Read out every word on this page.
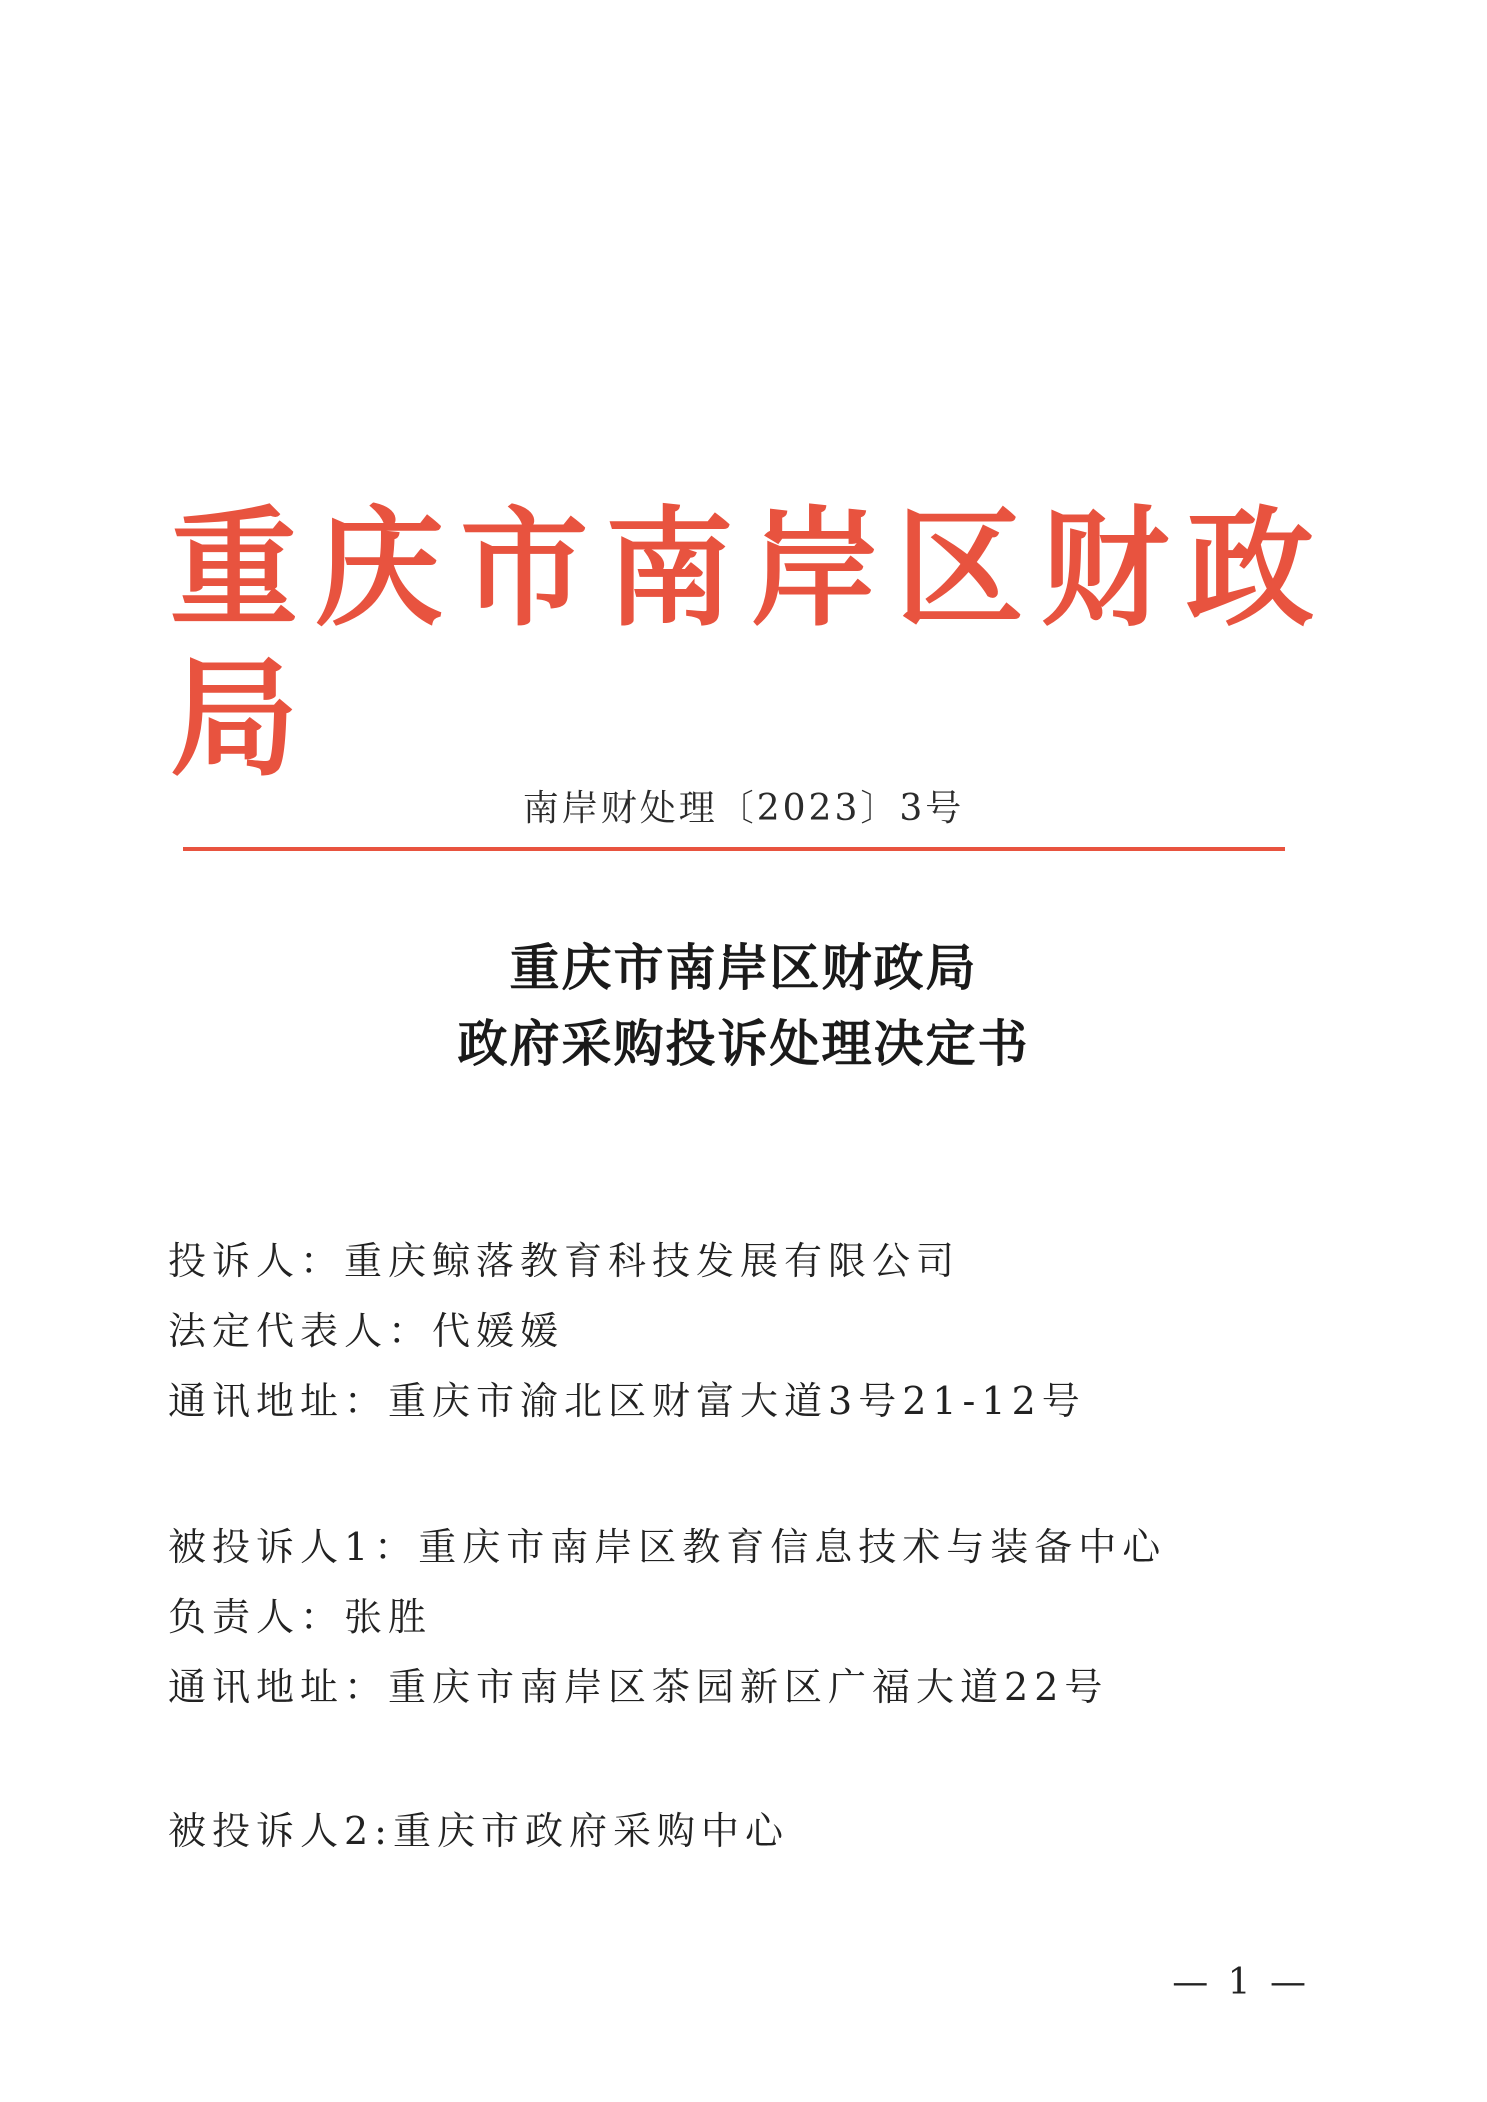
重庆市南岸区财政局
南岸财处理〔2023〕3号
重庆市南岸区财政局
政府采购投诉处理决定书
投诉人：重庆鲸落教育科技发展有限公司
法定代表人：代媛媛
通讯地址：重庆市渝北区财富大道3号21-12号
被投诉人1：重庆市南岸区教育信息技术与装备中心
负责人：张胜
通讯地址：重庆市南岸区茶园新区广福大道22号
被投诉人2:重庆市政府采购中心
— 1 —
